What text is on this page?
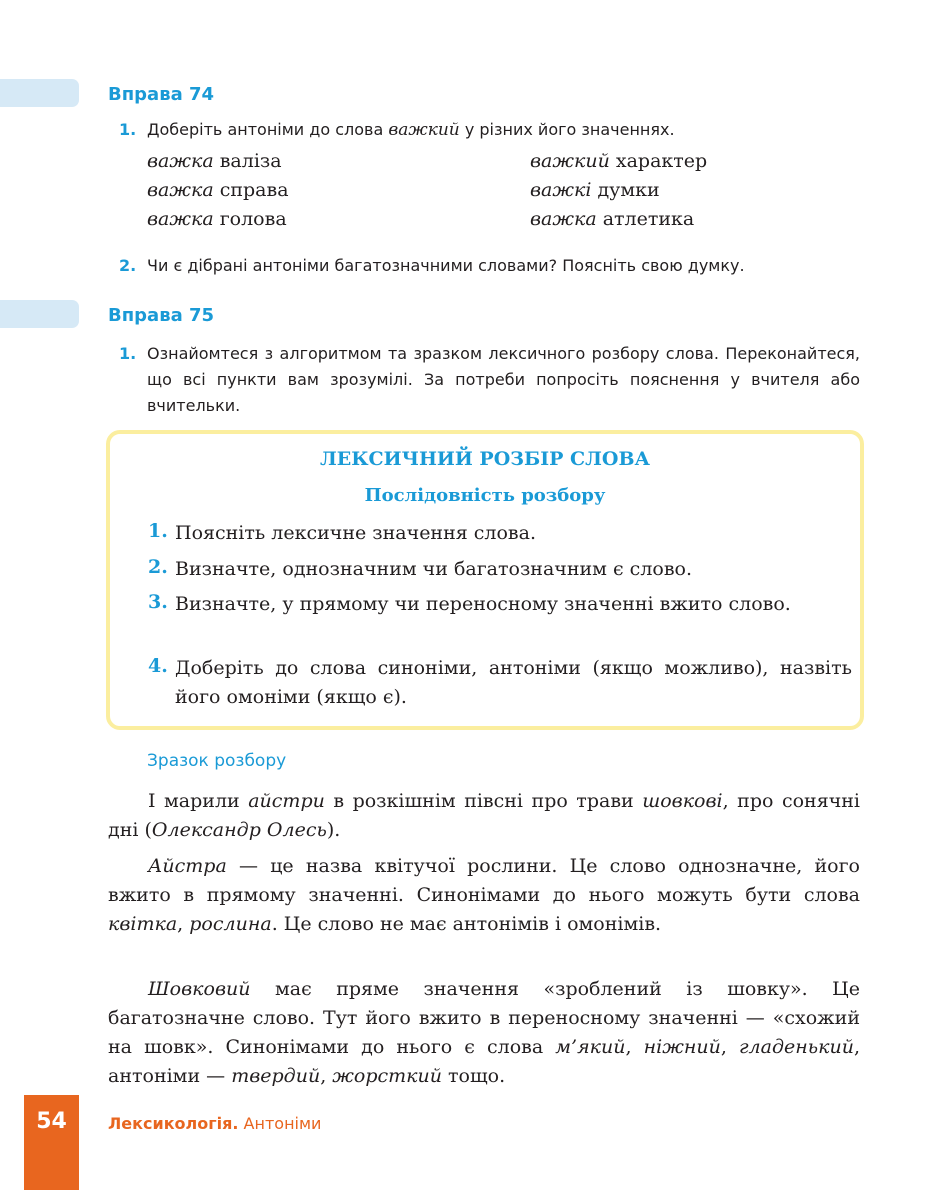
Вправа 74
1. Доберіть антоніми до слова важкий у різних його значеннях.
важка валіза
важка справа
важка голова
важкий характер
важкі думки
важка атлетика
2. Чи є дібрані антоніми багатозначними словами? Поясніть свою думку.
Вправа 75
1. Ознайомтеся з алгоритмом та зразком лексичного розбору слова. Переконайтеся, що всі пункти вам зрозумілі. За потреби попросіть пояснення у вчителя або вчительки.
ЛЕКСИЧНИЙ РОЗБІР СЛОВА
Послідовність розбору
1. Поясніть лексичне значення слова.
2. Визначте, однозначним чи багатозначним є слово.
3. Визначте, у прямому чи переносному значенні вжито слово.
4. Доберіть до слова синоніми, антоніми (якщо можливо), назвіть його омоніми (якщо є).
Зразок розбору
І марили айстри в розкішнім півсні про трави шовкові, про сонячні дні (Олександр Олесь).
Айстра — це назва квітучої рослини. Це слово однозначне, його вжито в прямому значенні. Синонімами до нього можуть бути слова квітка, рослина. Це слово не має антонімів і омонімів.
Шовковий має пряме значення «зроблений із шовку». Це багатозначне слово. Тут його вжито в переносному значенні — «схожий на шовк». Синонімами до нього є слова м’який, ніжний, гладенький, антоніми — твердий, жорсткий тощо.
54	Лексикологія. Антоніми
